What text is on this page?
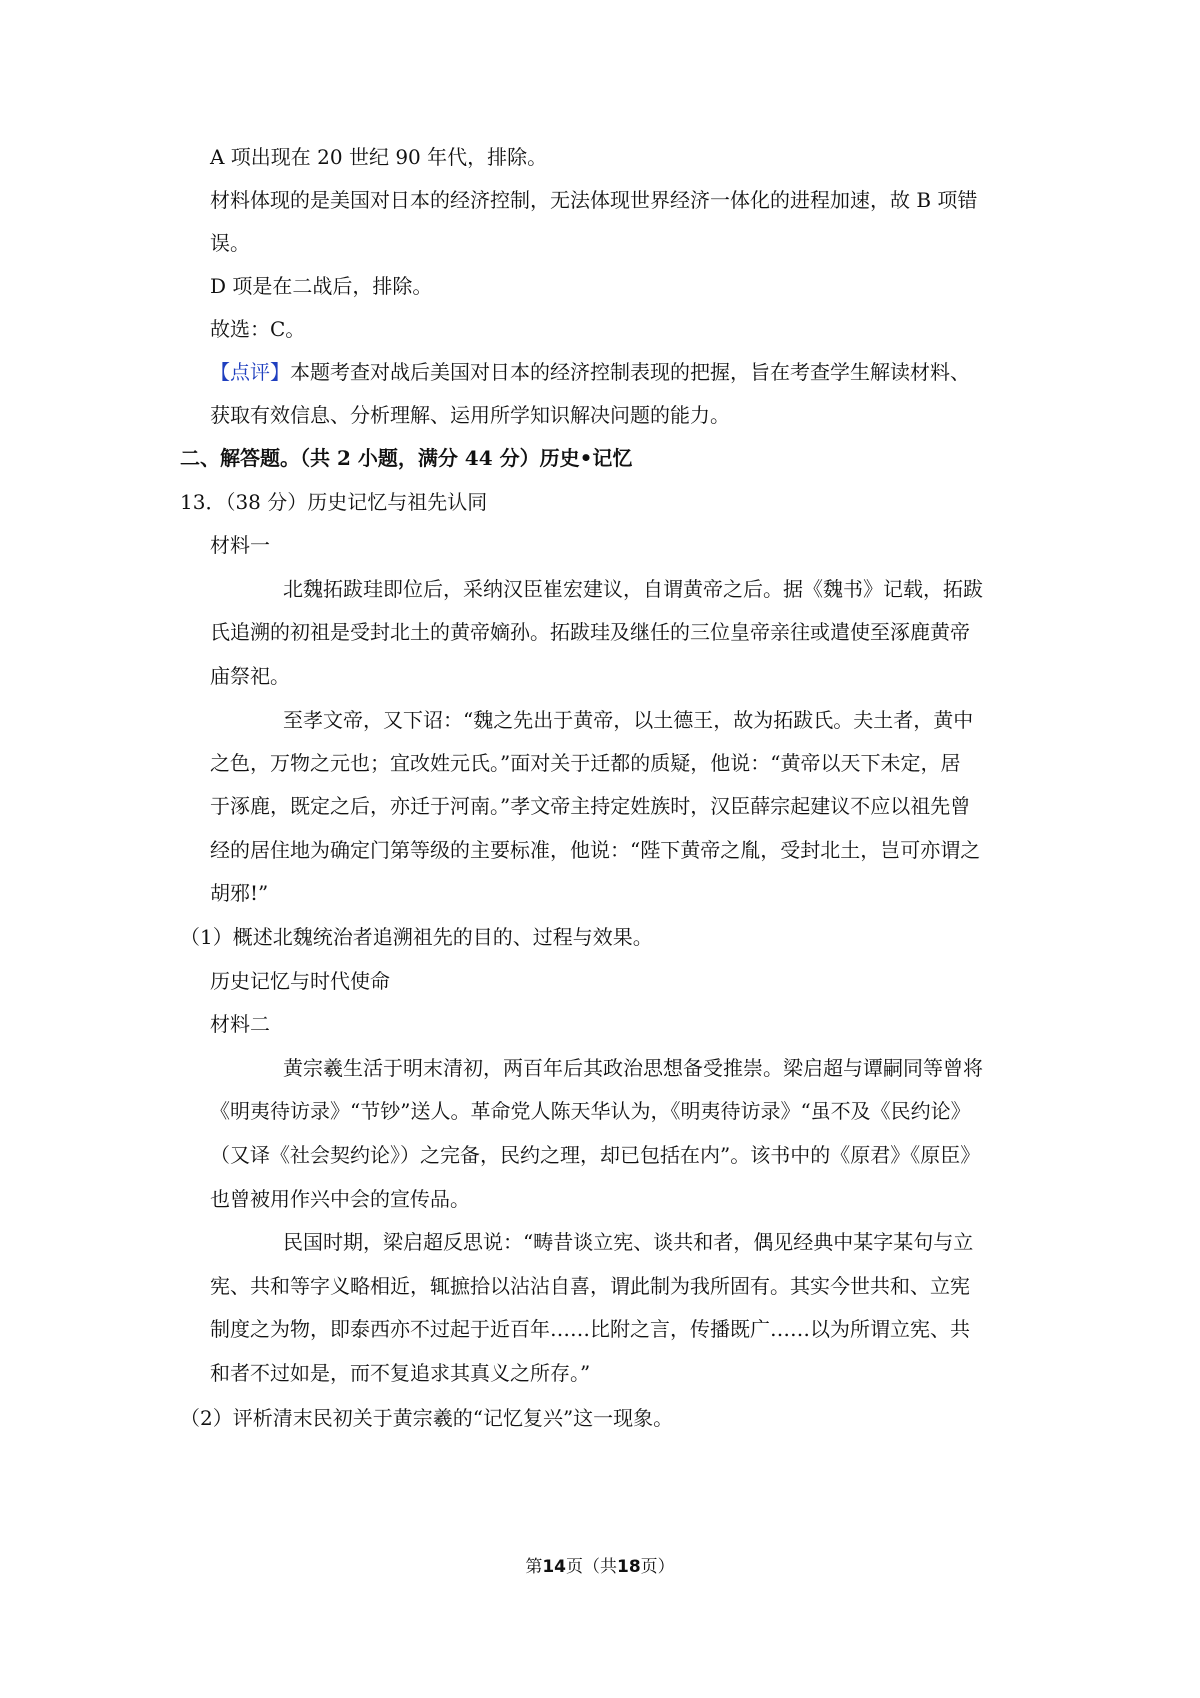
A 项出现在 20 世纪 90 年代，排除。
材料体现的是美国对日本的经济控制，无法体现世界经济一体化的进程加速，故 B 项错
误。
D 项是在二战后，排除。
故选：C。
【点评】本题考查对战后美国对日本的经济控制表现的把握，旨在考查学生解读材料、
获取有效信息、分析理解、运用所学知识解决问题的能力。
二、解答题。（共 2 小题，满分 44 分）历史•记忆
13．（38 分）历史记忆与祖先认同
材料一
北魏拓跋珪即位后，采纳汉臣崔宏建议，自谓黄帝之后。据《魏书》记载，拓跋
氏追溯的初祖是受封北土的黄帝嫡孙。拓跋珪及继任的三位皇帝亲往或遣使至涿鹿黄帝
庙祭祀。
至孝文帝，又下诏：“魏之先出于黄帝，以土德王，故为拓跋氏。夫土者，黄中
之色，万物之元也；宜改姓元氏。”面对关于迁都的质疑，他说：“黄帝以天下未定，居
于涿鹿，既定之后，亦迁于河南。”孝文帝主持定姓族时，汉臣薛宗起建议不应以祖先曾
经的居住地为确定门第等级的主要标准，他说：“陛下黄帝之胤，受封北土，岂可亦谓之
胡邪!”
（1）概述北魏统治者追溯祖先的目的、过程与效果。
历史记忆与时代使命
材料二
黄宗羲生活于明末清初，两百年后其政治思想备受推崇。梁启超与谭嗣同等曾将
《明夷待访录》“节钞”送人。革命党人陈天华认为，《明夷待访录》“虽不及《民约论》
（又译《社会契约论》）之完备，民约之理，却已包括在内”。该书中的《原君》《原臣》
也曾被用作兴中会的宣传品。
民国时期，梁启超反思说：“畴昔谈立宪、谈共和者，偶见经典中某字某句与立
宪、共和等字义略相近，辄摭拾以沾沾自喜，谓此制为我所固有。其实今世共和、立宪
制度之为物，即泰西亦不过起于近百年……比附之言，传播既广……以为所谓立宪、共
和者不过如是，而不复追求其真义之所存。”
（2）评析清末民初关于黄宗羲的“记忆复兴”这一现象。
第14页（共18页）
